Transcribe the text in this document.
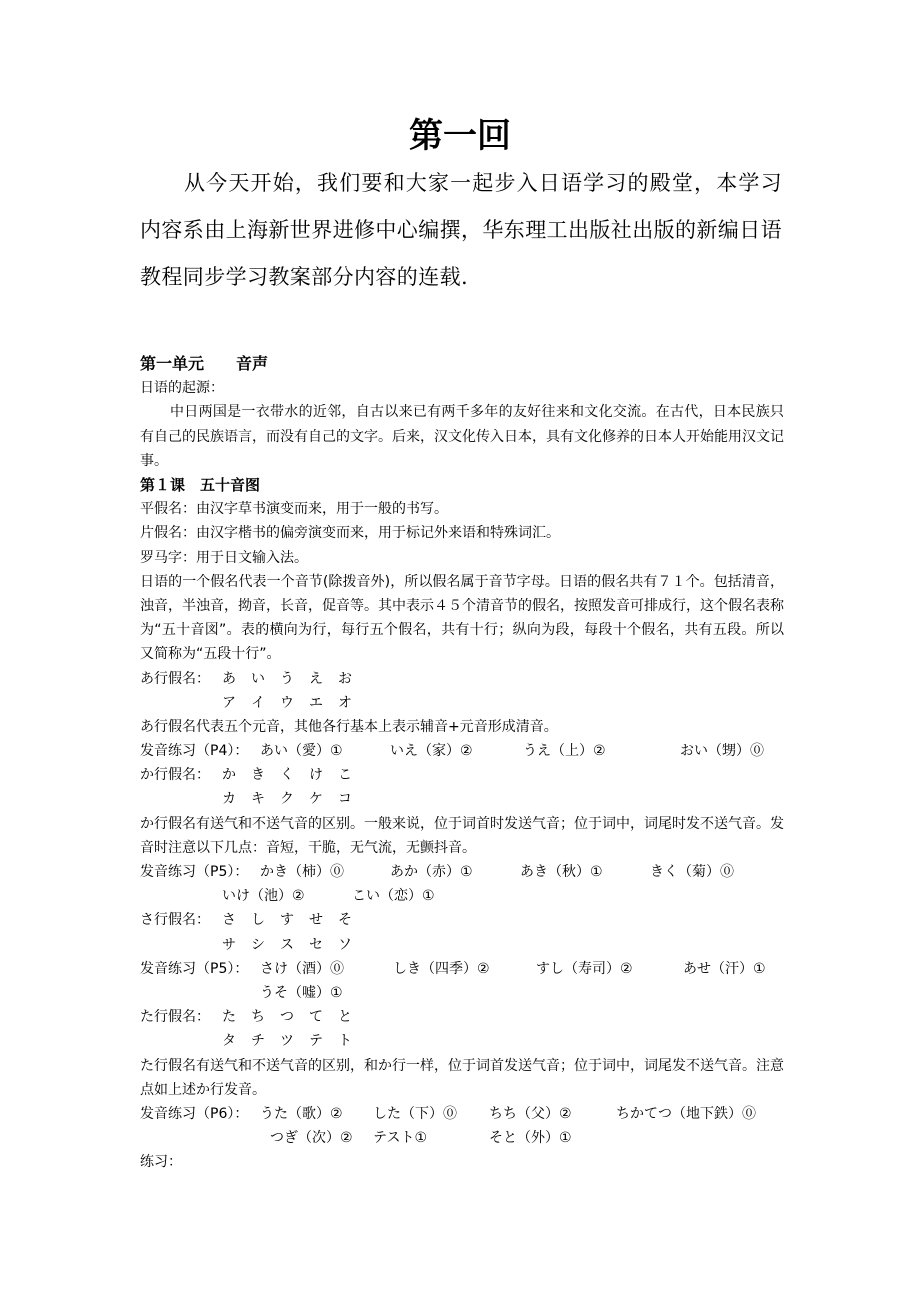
第一回
从今天开始，我们要和大家一起步入日语学习的殿堂，本学习内容系由上海新世界进修中心编撰，华东理工出版社出版的新编日语教程同步学习教案部分内容的连载.
第一单元　　音声
日语的起源：
中日两国是一衣带水的近邻，自古以来已有两千多年的友好往来和文化交流。在古代，日本民族只有自己的民族语言，而没有自己的文字。后来，汉文化传入日本，具有文化修养的日本人开始能用汉文记事。
第１课　五十音图
平假名：由汉字草书演变而来，用于一般的书写。
片假名：由汉字楷书的偏旁演变而来，用于标记外来语和特殊词汇。
罗马字：用于日文输入法。
日语的一个假名代表一个音节(除拨音外)，所以假名属于音节字母。日语的假名共有７１个。包括清音，浊音，半浊音，拗音，长音，促音等。其中表示４５个清音节的假名，按照发音可排成行，这个假名表称为“五十音図”。表的横向为行，每行五个假名，共有十行；纵向为段，每段十个假名，共有五段。所以又简称为“五段十行”。
あ行假名： あ	い	う	え	お
ア	イ	ウ	エ	オ
あ行假名代表五个元音，其他各行基本上表示辅音+元音形成清音。
发音练习（P4）： あい（愛）①	いえ（家）②	うえ（上）②	おい（甥）⓪
か行假名： か	き	く	け	こ
カ	キ	ク	ケ	コ
か行假名有送气和不送气音的区别。一般来说，位于词首时发送气音；位于词中，词尾时发不送气音。发音时注意以下几点：音短，干脆，无气流，无颤抖音。
发音练习（P5）： かき（柿）⓪	あか（赤）①	あき（秋）①	きく（菊）⓪
いけ（池）②	こい（恋）①
さ行假名： さ	し	す	せ	そ
サ	シ	ス	セ	ソ
发音练习（P5）： さけ（酒）⓪	しき（四季）②	すし（寿司）②	あせ（汗）①
うそ（嘘）①
た行假名： た	ち	つ	て	と
タ	チ	ツ	テ	ト
た行假名有送气和不送气音的区别，和か行一样，位于词首发送气音；位于词中，词尾发不送气音。注意点如上述か行发音。
发音练习（P6）： うた（歌）②	した（下）⓪	ちち（父）②	ちかてつ（地下鉄）⓪
つぎ（次）②	テスト①	そと（外）①
练习：
